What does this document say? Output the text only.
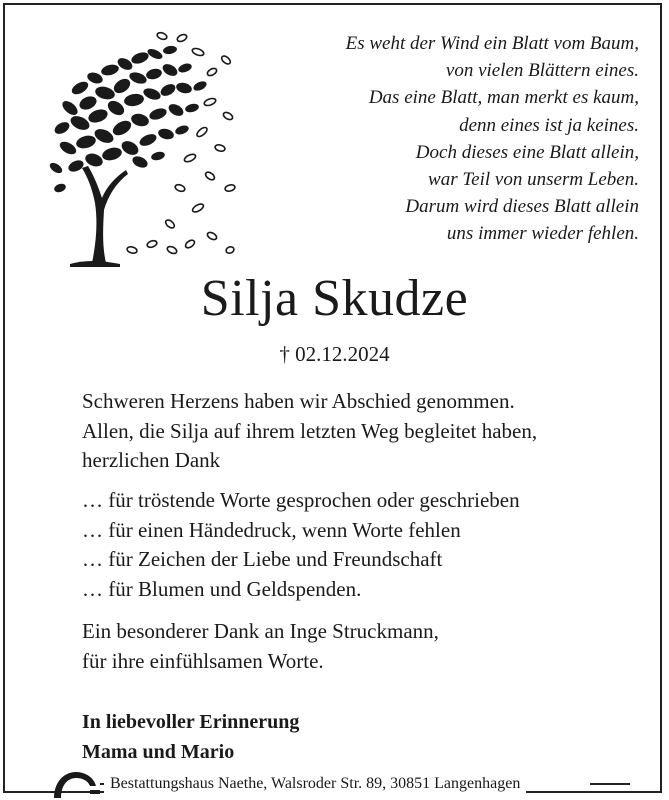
Es weht der Wind ein Blatt vom Baum,
von vielen Blättern eines.
Das eine Blatt, man merkt es kaum,
denn eines ist ja keines.
Doch dieses eine Blatt allein,
war Teil von unserm Leben.
Darum wird dieses Blatt allein
uns immer wieder fehlen.
Silja Skudze
† 02.12.2024
Schweren Herzens haben wir Abschied genommen.
Allen, die Silja auf ihrem letzten Weg begleitet haben,
herzlichen Dank
… für tröstende Worte gesprochen oder geschrieben
… für einen Händedruck, wenn Worte fehlen
… für Zeichen der Liebe und Freundschaft
… für Blumen und Geldspenden.
Ein besonderer Dank an Inge Struckmann,
für ihre einfühlsamen Worte.
In liebevoller Erinnerung
Mama und Mario
Bestattungshaus Naethe, Walsroder Str. 89, 30851 Langenhagen
